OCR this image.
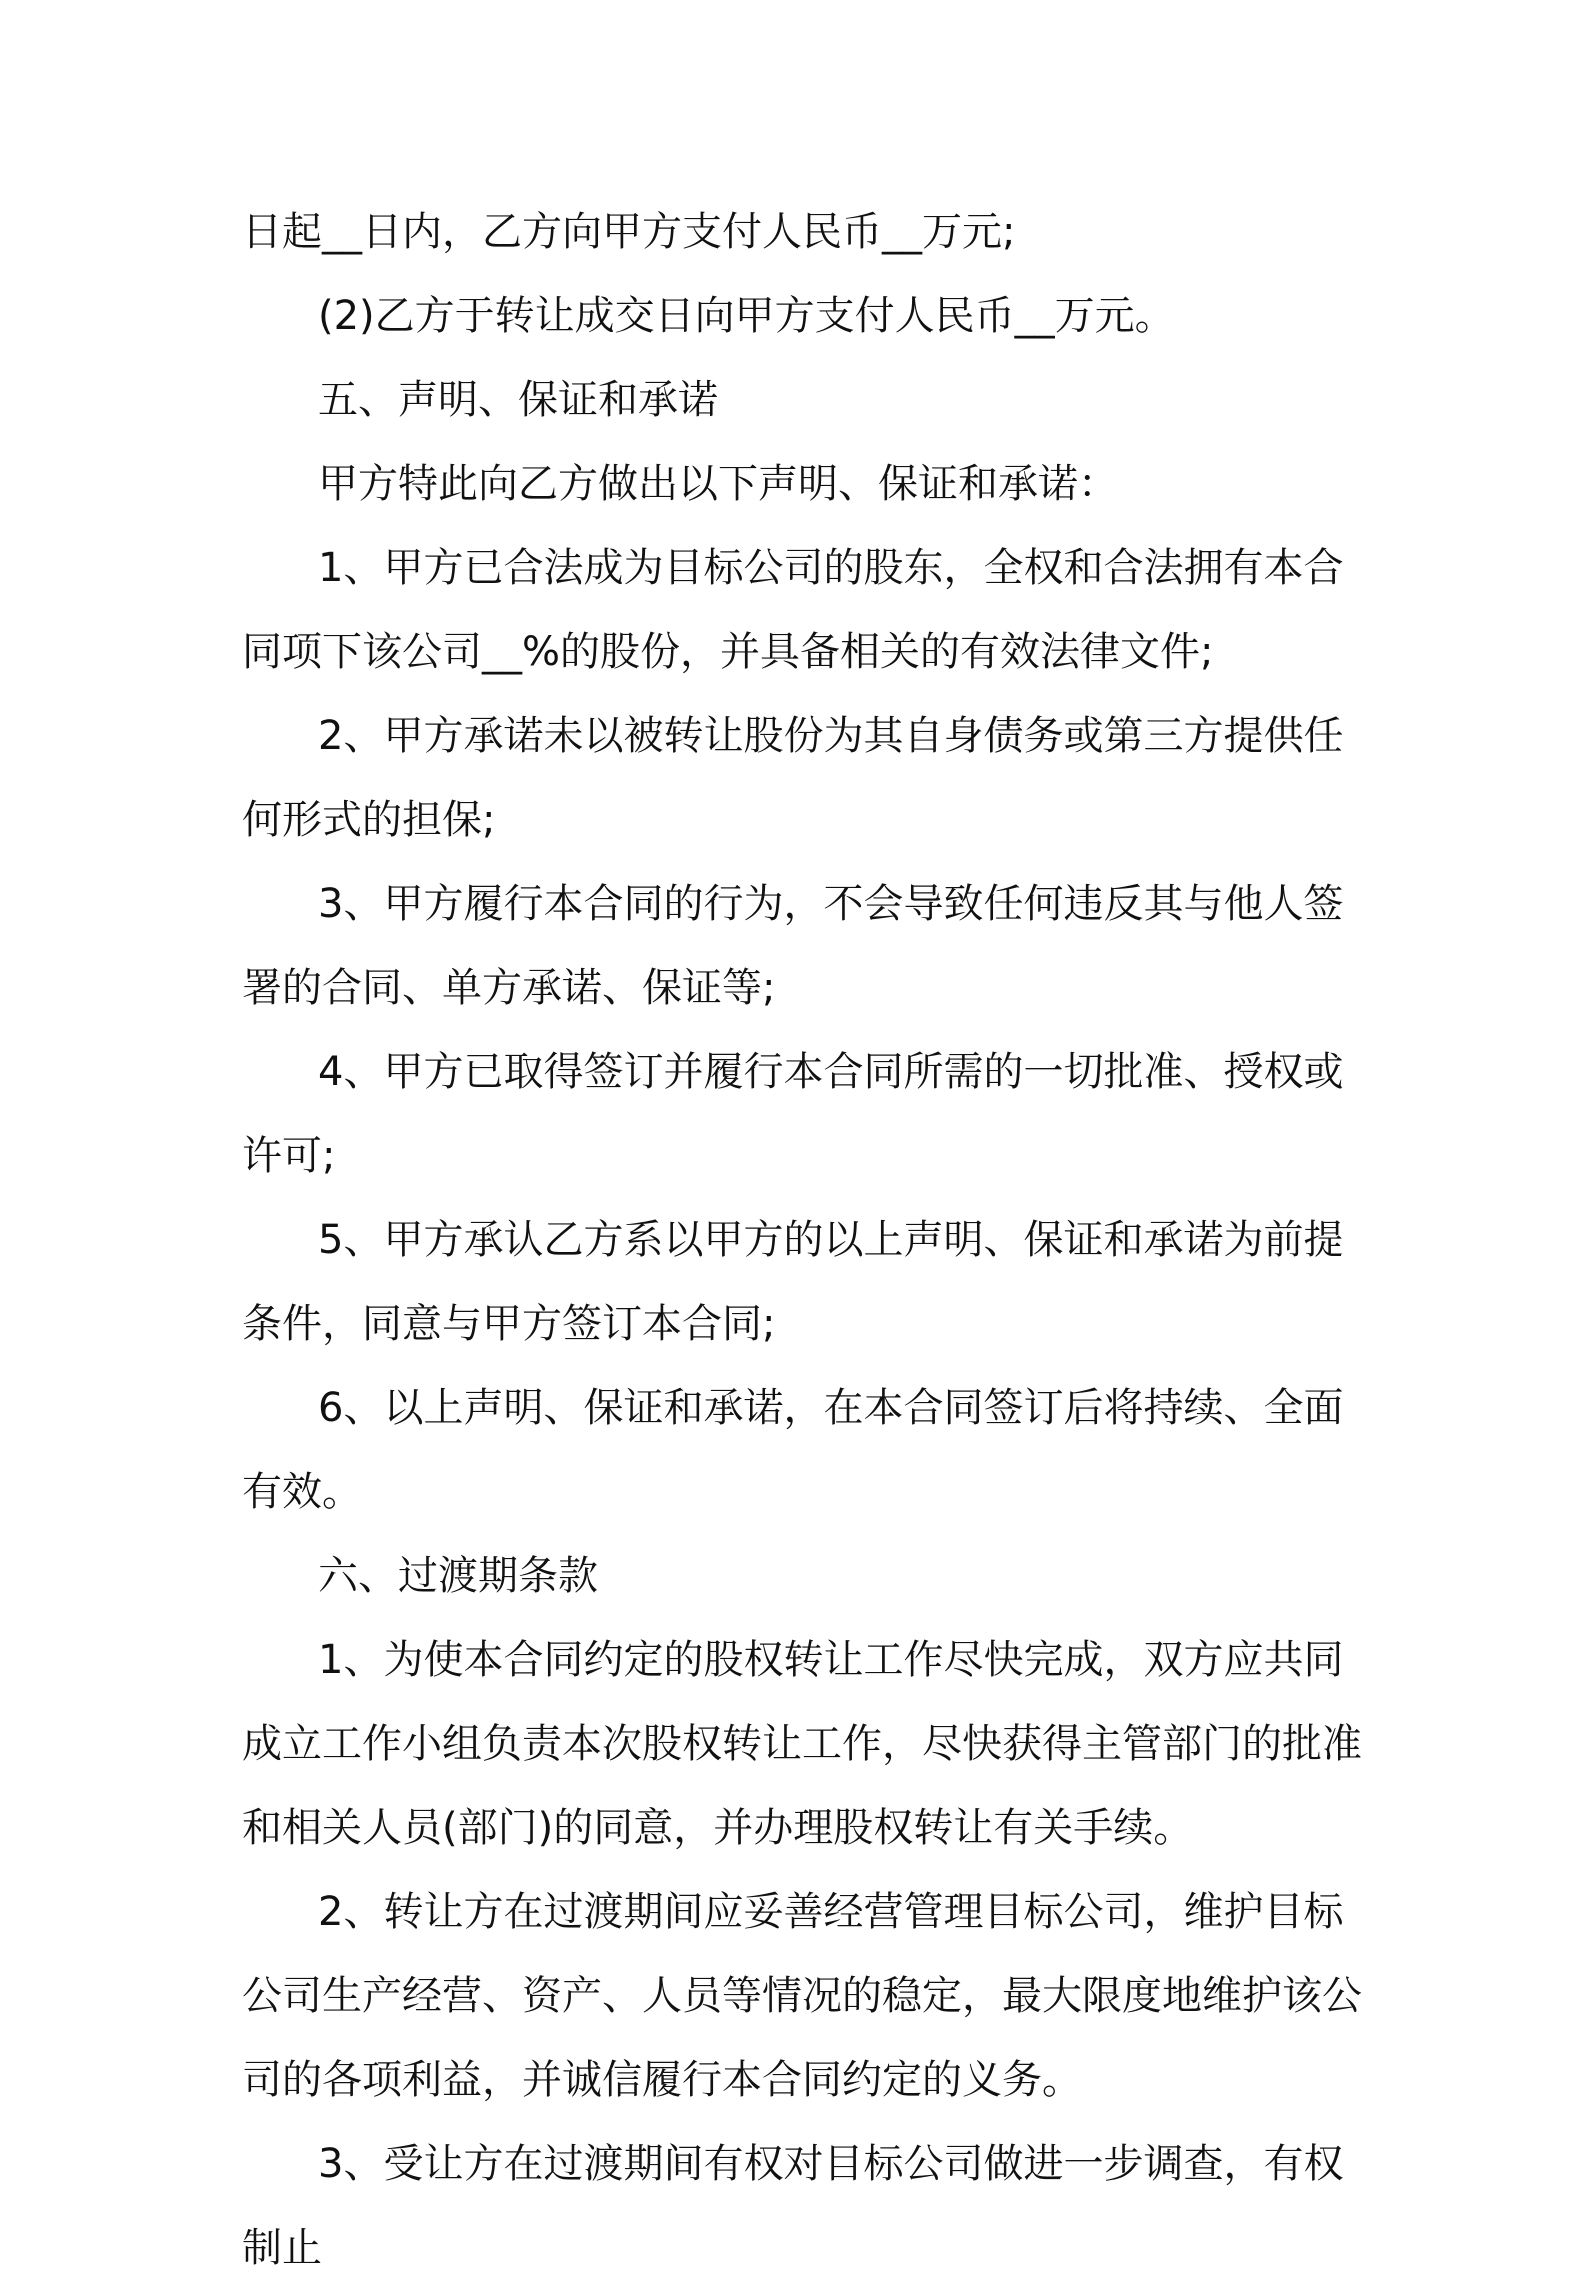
日起__日内，乙方向甲方支付人民币__万元;

(2)乙方于转让成交日向甲方支付人民币__万元。

五、声明、保证和承诺

甲方特此向乙方做出以下声明、保证和承诺：

1、甲方已合法成为目标公司的股东，全权和合法拥有本合同项下该公司__%的股份，并具备相关的有效法律文件;

2、甲方承诺未以被转让股份为其自身债务或第三方提供任何形式的担保;

3、甲方履行本合同的行为，不会导致任何违反其与他人签署的合同、单方承诺、保证等;

4、甲方已取得签订并履行本合同所需的一切批准、授权或许可;

5、甲方承认乙方系以甲方的以上声明、保证和承诺为前提条件，同意与甲方签订本合同;

6、以上声明、保证和承诺，在本合同签订后将持续、全面有效。

六、过渡期条款

1、为使本合同约定的股权转让工作尽快完成，双方应共同成立工作小组负责本次股权转让工作，尽快获得主管部门的批准和相关人员(部门)的同意，并办理股权转让有关手续。

2、转让方在过渡期间应妥善经营管理目标公司，维护目标公司生产经营、资产、人员等情况的稳定，最大限度地维护该公司的各项利益，并诚信履行本合同约定的义务。

3、受让方在过渡期间有权对目标公司做进一步调查，有权制止
